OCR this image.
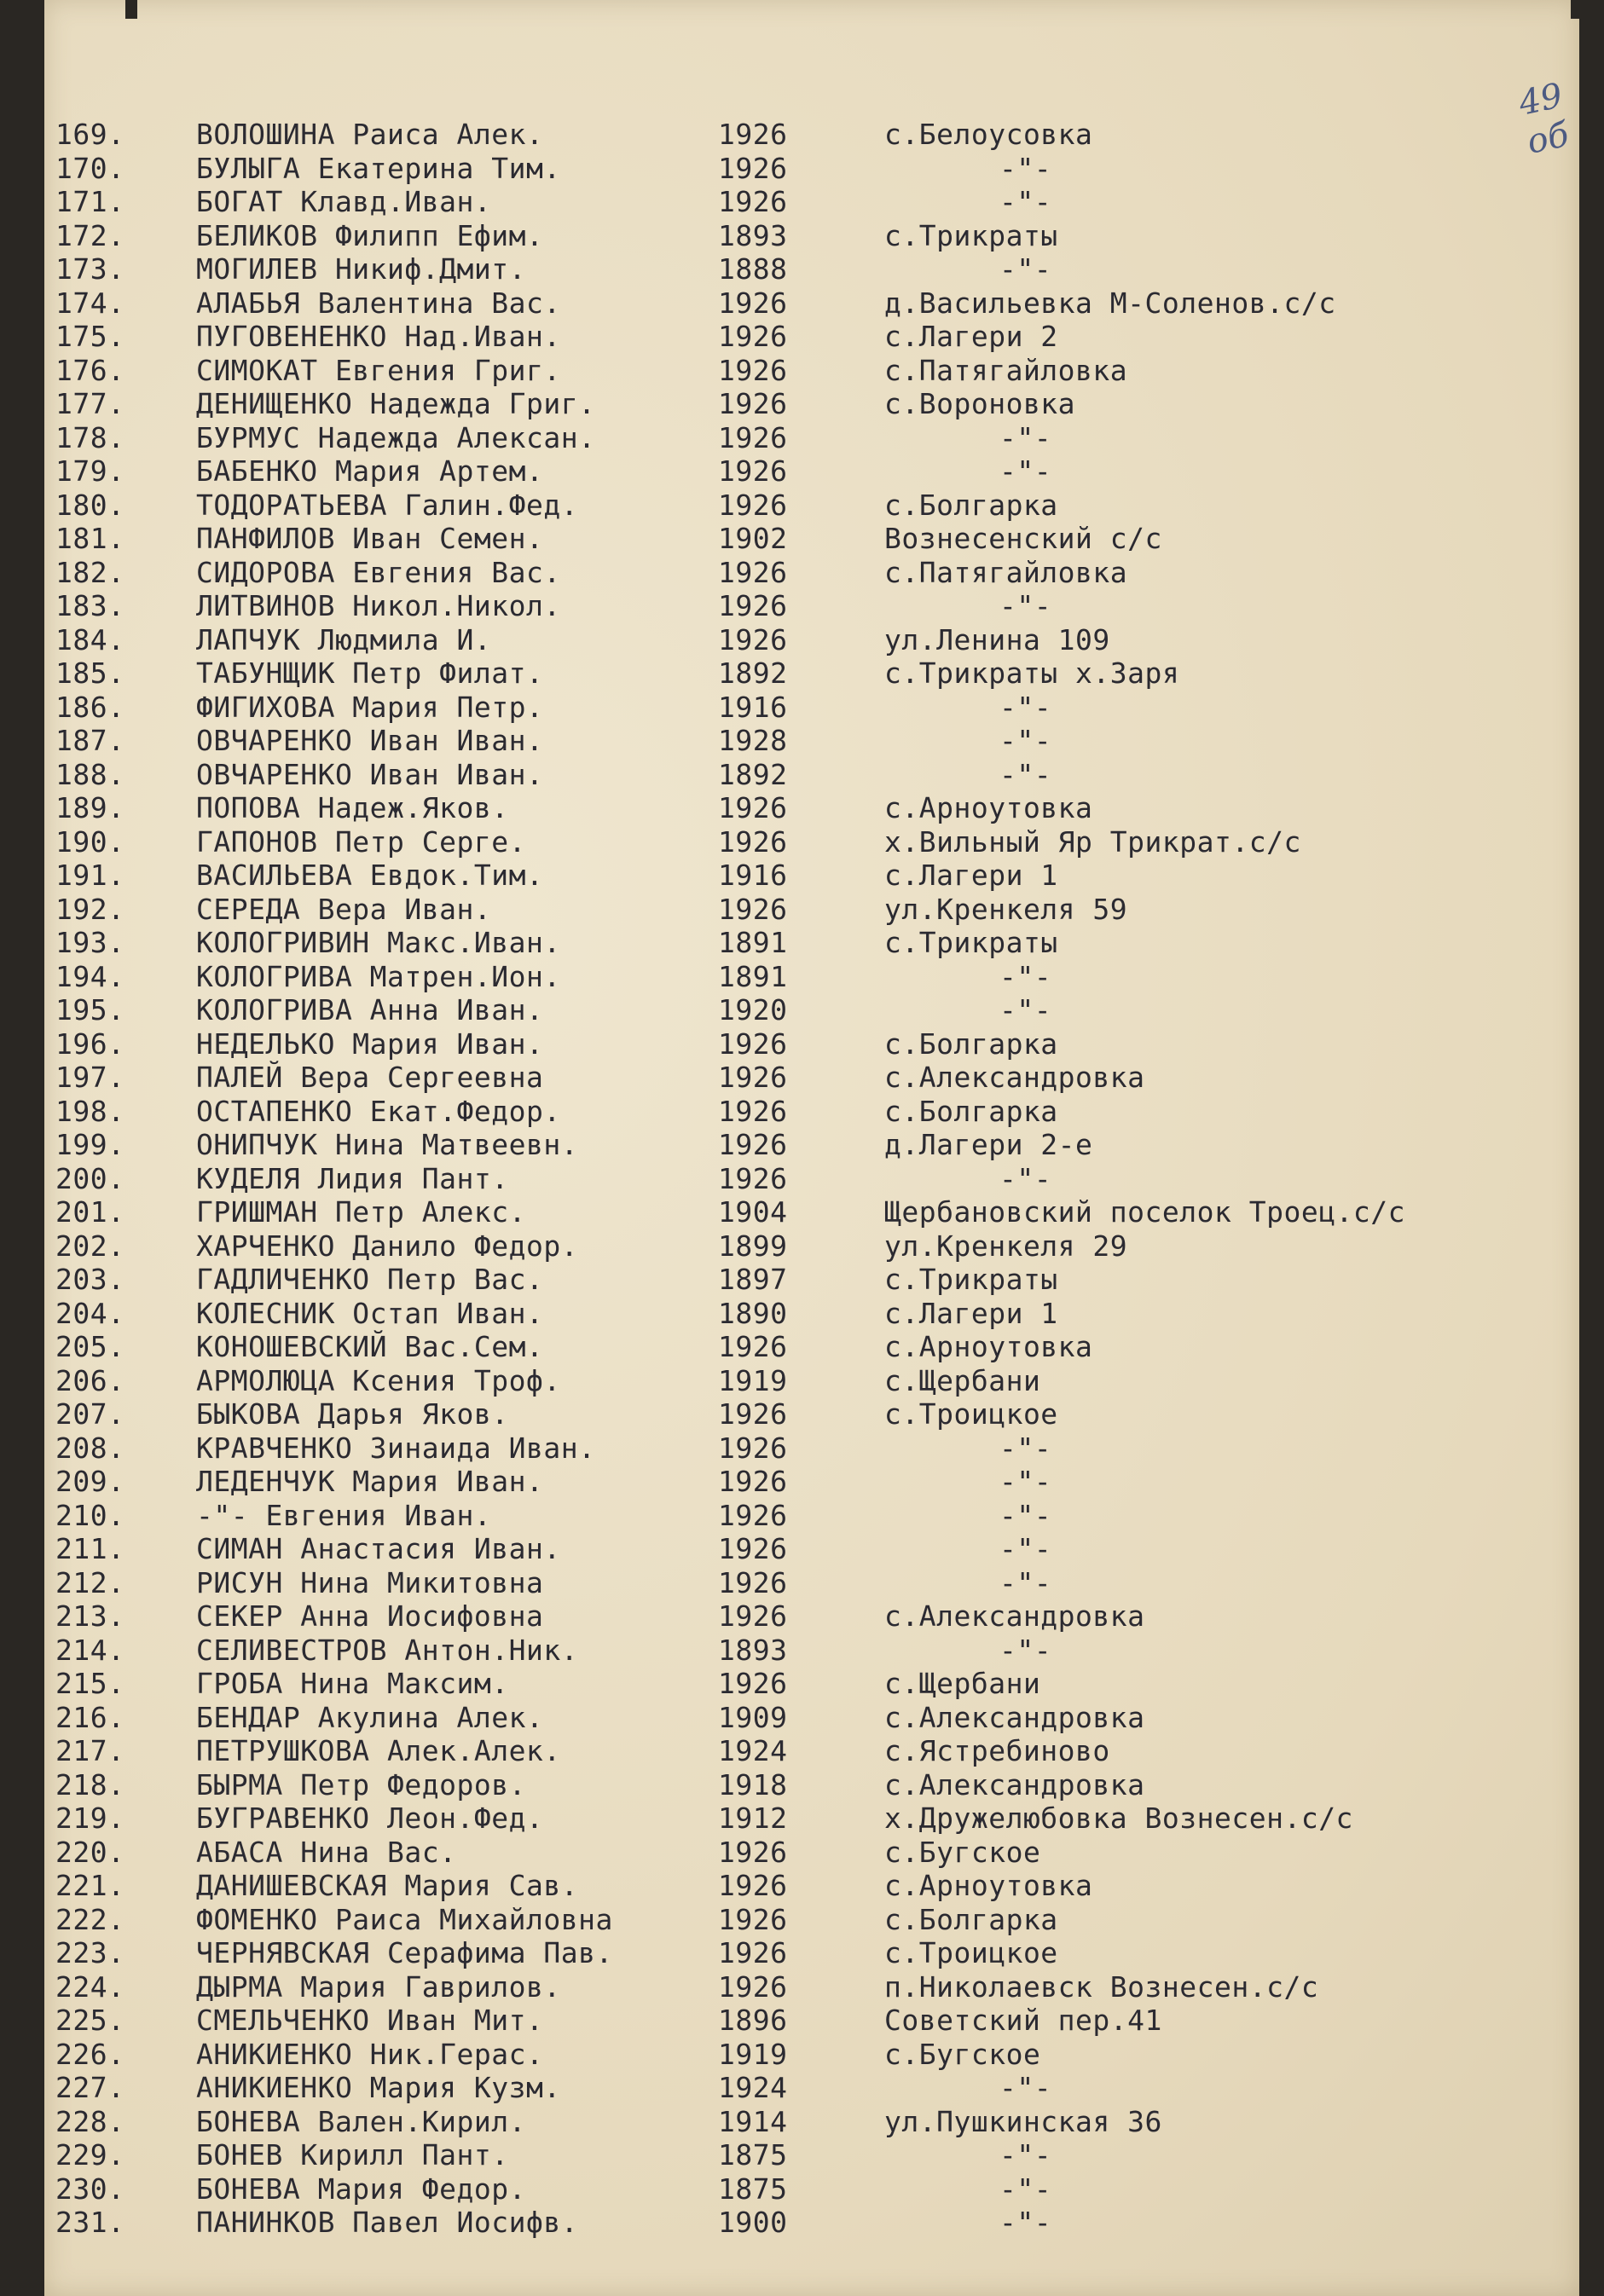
49 об
169.	ВОЛОШИНА Раиса Алек.	1926	с.Белоусовка
170.	БУЛЫГА Екатерина Тим.	1926	-"-
171.	БОГАТ Клавд.Иван.	1926	-"-
172.	БЕЛИКОВ Филипп Ефим.	1893	с.Трикраты
173.	МОГИЛЕВ Никиф.Дмит.	1888	-"-
174.	АЛАБЬЯ Валентина Вас.	1926	д.Васильевка М-Соленов.с/с
175.	ПУГОВЕНЕНКО Над.Иван.	1926	с.Лагери 2
176.	СИМОКАТ Евгения Григ.	1926	с.Патягайловка
177.	ДЕНИЩЕНКО Надежда Григ.	1926	с.Вороновка
178.	БУРМУС Надежда Алексан.	1926	-"-
179.	БАБЕНКО Мария Артем.	1926	-"-
180.	ТОДОРАТЬЕВА Галин.Фед.	1926	с.Болгарка
181.	ПАНФИЛОВ Иван Семен.	1902	Вознесенский с/с
182.	СИДОРОВА Евгения Вас.	1926	с.Патягайловка
183.	ЛИТВИНОВ Никол.Никол.	1926	-"-
184.	ЛАПЧУК Людмила И.	1926	ул.Ленина 109
185.	ТАБУНЩИК Петр Филат.	1892	с.Трикраты х.Заря
186.	ФИГИХОВА Мария Петр.	1916	-"-
187.	ОВЧАРЕНКО Иван Иван.	1928	-"-
188.	ОВЧАРЕНКО Иван Иван.	1892	-"-
189.	ПОПОВА Надеж.Яков.	1926	с.Арноутовка
190.	ГАПОНОВ Петр Серге.	1926	х.Вильный Яр Трикрат.с/с
191.	ВАСИЛЬЕВА Евдок.Тим.	1916	с.Лагери 1
192.	СЕРЕДА Вера Иван.	1926	ул.Кренкеля 59
193.	КОЛОГРИВИН Макс.Иван.	1891	с.Трикраты
194.	КОЛОГРИВА Матрен.Ион.	1891	-"-
195.	КОЛОГРИВА Анна Иван.	1920	-"-
196.	НЕДЕЛЬКО Мария Иван.	1926	с.Болгарка
197.	ПАЛЕЙ Вера Сергеевна	1926	с.Александровка
198.	ОСТАПЕНКО Екат.Федор.	1926	с.Болгарка
199.	ОНИПЧУК Нина Матвеевн.	1926	д.Лагери 2-е
200.	КУДЕЛЯ Лидия Пант.	1926	-"-
201.	ГРИШМАН Петр Алекс.	1904	Щербановский поселок Троец.с/с
202.	ХАРЧЕНКО Данило Федор.	1899	ул.Кренкеля 29
203.	ГАДЛИЧЕНКО Петр Вас.	1897	с.Трикраты
204.	КОЛЕСНИК Остап Иван.	1890	с.Лагери 1
205.	КОНОШЕВСКИЙ Вас.Сем.	1926	с.Арноутовка
206.	АРМОЛЮЦА Ксения Троф.	1919	с.Щербани
207.	БЫКОВА Дарья Яков.	1926	с.Троицкое
208.	КРАВЧЕНКО Зинаида Иван.	1926	-"-
209.	ЛЕДЕНЧУК Мария Иван.	1926	-"-
210.	-"- Евгения Иван.	1926	-"-
211.	СИМАН Анастасия Иван.	1926	-"-
212.	РИСУН Нина Микитовна	1926	-"-
213.	СЕКЕР Анна Иосифовна	1926	с.Александровка
214.	СЕЛИВЕСТРОВ Антон.Ник.	1893	-"-
215.	ГРОБА Нина Максим.	1926	с.Щербани
216.	БЕНДАР Акулина Алек.	1909	с.Александровка
217.	ПЕТРУШКОВА Алек.Алек.	1924	с.Ястребиново
218.	БЫРМА Петр Федоров.	1918	с.Александровка
219.	БУГРАВЕНКО Леон.Фед.	1912	х.Дружелюбовка Вознесен.с/с
220.	АБАСА Нина Вас.	1926	с.Бугское
221.	ДАНИШЕВСКАЯ Мария Сав.	1926	с.Арноутовка
222.	ФОМЕНКО Раиса Михайловна	1926	с.Болгарка
223.	ЧЕРНЯВСКАЯ Серафима Пав.	1926	с.Троицкое
224.	ДЫРМА Мария Гаврилов.	1926	п.Николаевск Вознесен.с/с
225.	СМЕЛЬЧЕНКО Иван Мит.	1896	Советский пер.41
226.	АНИКИЕНКО Ник.Герас.	1919	с.Бугское
227.	АНИКИЕНКО Мария Кузм.	1924	-"-
228.	БОНЕВА Вален.Кирил.	1914	ул.Пушкинская 36
229.	БОНЕВ Кирилл Пант.	1875	-"-
230.	БОНЕВА Мария Федор.	1875	-"-
231.	ПАНИНКОВ Павел Иосифв.	1900	-"-
